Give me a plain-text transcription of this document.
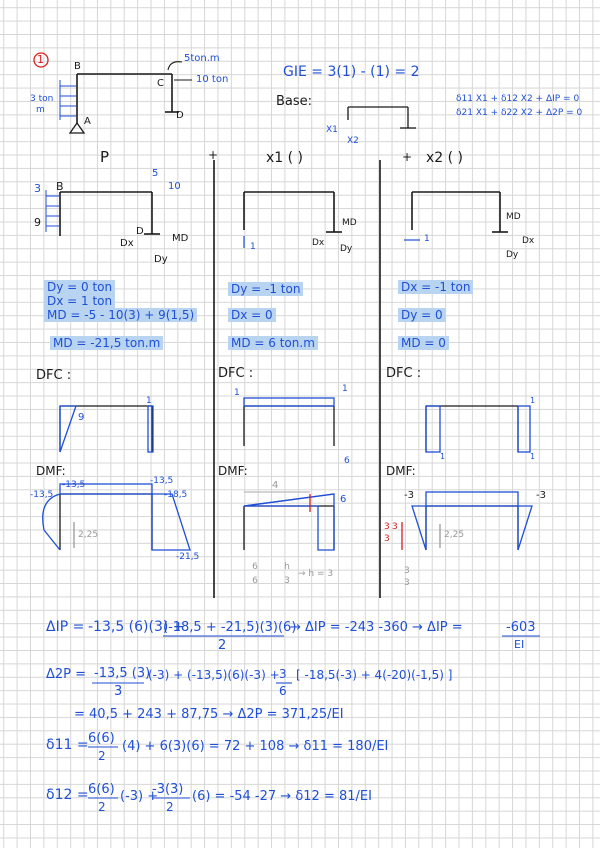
1
B
C
A
D
5ton.m
10 ton
3 ton
m
GIE = 3(1) - (1) = 2
Base:
X1
X2
δ11 X1 + δ12 X2 + ΔIP = 0
δ21 X1 + δ22 X2 + Δ2P = 0
P	+	x1 ( )	+ x2 ( )
3 B
9
5
10
D
Dx
Dy
MD
Dy = 0 ton
Dx = 1 ton
MD = -5 - 10(3) + 9(1,5)
MD = -21,5 ton.m
DFC :
9
1
DMF:
-13,5
-13,5
-13,5
-18,5
2,25
-21,5
1
MD
Dx
Dy
Dy = -1 ton
Dx = 0
MD = 6 ton.m
DFC :
1	1
6
DMF:
4
6
6
6
h
3
→ h = 3
1
MD
Dx
Dy
Dx = -1 ton
Dy = 0
MD = 0
DFC :
1
1	1
DMF:
-3	-3
3
3
3
2,25
3
3
ΔIP = -13,5 (6)(3) +
(-18,5 + -21,5)(3)(6)
2
→ ΔIP = -243 -360 → ΔIP =	-603
EI
Δ2P = -13,5 (3)
3
(-3) + (-13,5)(6)(-3) + 3
6
[ -18,5(-3) + 4(-20)(-1,5) ]
= 40,5 + 243 + 87,75 → Δ2P = 371,25/EI
δ11 = 6(6)
2
(4) + 6(3)(6) = 72 + 108 → δ11 = 180/EI
δ12 = 6(6)
2
(-3) +
-3(3)
2
(6) = -54 -27 → δ12 = 81/EI
